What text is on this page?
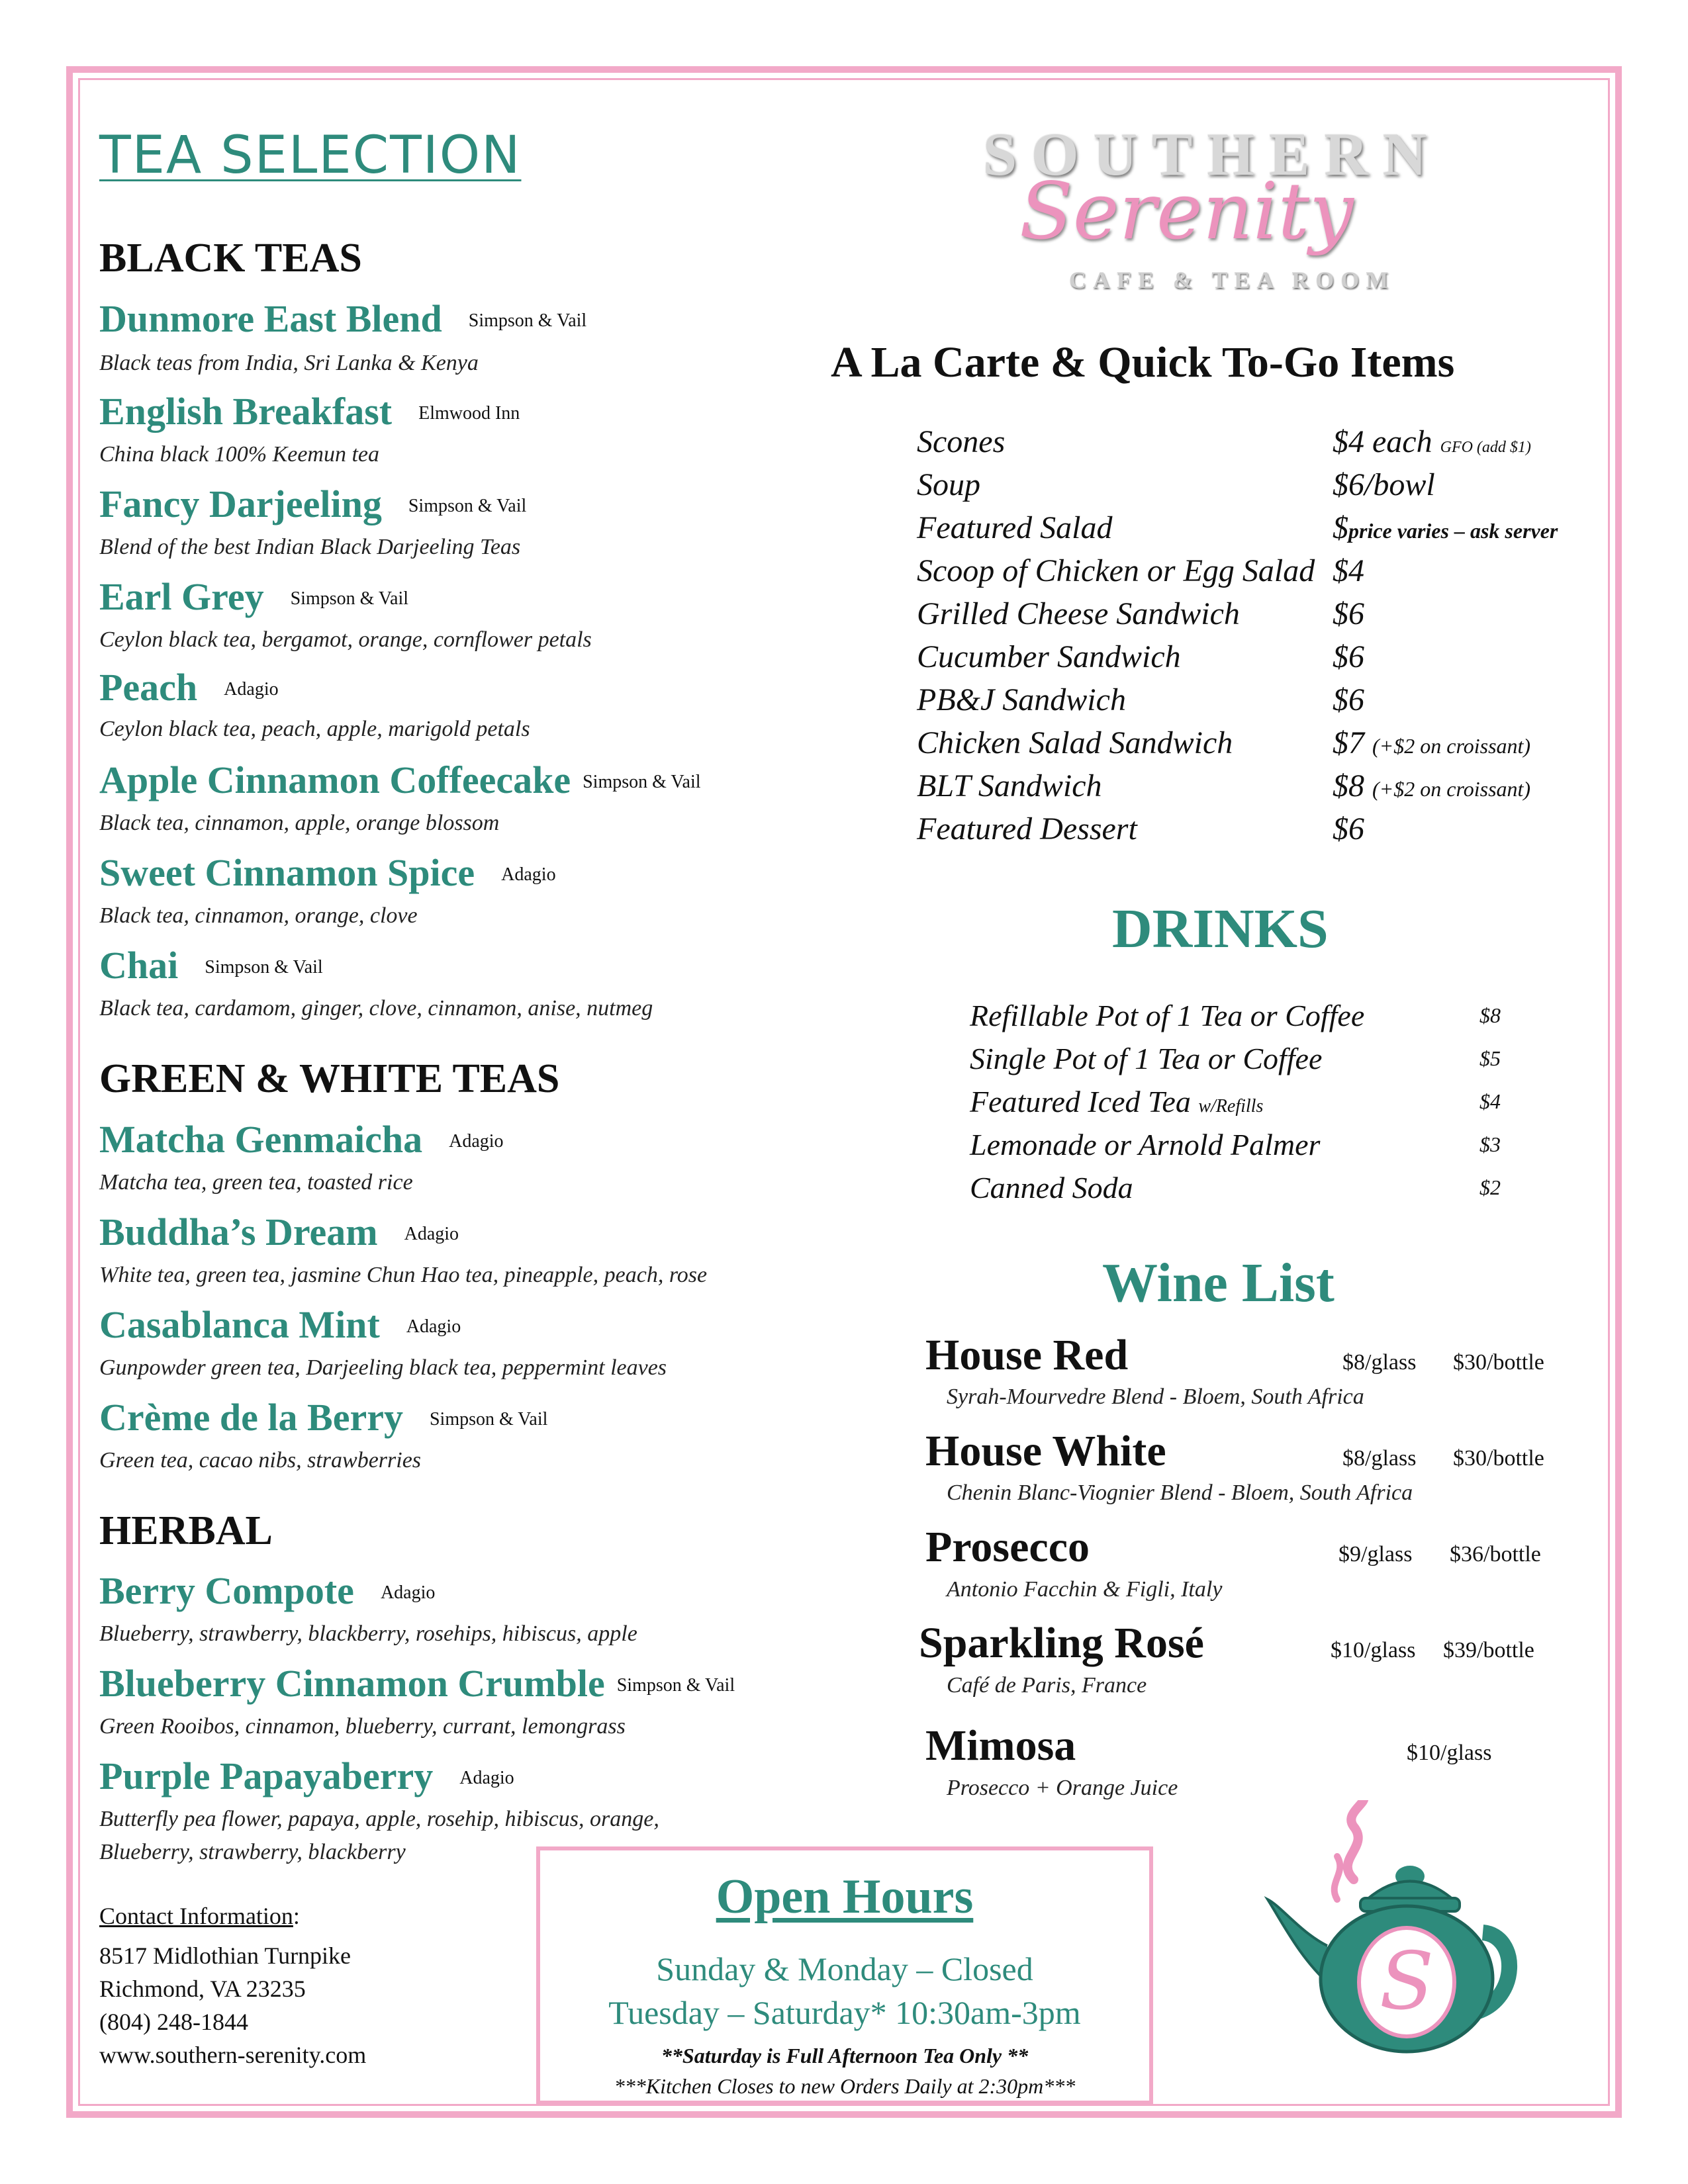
TEA SELECTION
BLACK TEAS
Dunmore East Blend Simpson & Vail
Black teas from India, Sri Lanka & Kenya
English Breakfast Elmwood Inn
China black 100% Keemun tea
Fancy Darjeeling Simpson & Vail
Blend of the best Indian Black Darjeeling Teas
Earl Grey Simpson & Vail
Ceylon black tea, bergamot, orange, cornflower petals
Peach Adagio
Ceylon black tea, peach, apple, marigold petals
Apple Cinnamon Coffeecake Simpson & Vail
Black tea, cinnamon, apple, orange blossom
Sweet Cinnamon Spice Adagio
Black tea, cinnamon, orange, clove
Chai Simpson & Vail
Black tea, cardamom, ginger, clove, cinnamon, anise, nutmeg
GREEN & WHITE TEAS
Matcha Genmaicha Adagio
Matcha tea, green tea, toasted rice
Buddha’s Dream Adagio
White tea, green tea, jasmine Chun Hao tea, pineapple, peach, rose
Casablanca Mint Adagio
Gunpowder green tea, Darjeeling black tea, peppermint leaves
Crème de la Berry Simpson & Vail
Green tea, cacao nibs, strawberries
HERBAL
Berry Compote Adagio
Blueberry, strawberry, blackberry, rosehips, hibiscus, apple
Blueberry Cinnamon Crumble Simpson & Vail
Green Rooibos, cinnamon, blueberry, currant, lemongrass
Purple Papayaberry Adagio
Butterfly pea flower, papaya, apple, rosehip, hibiscus, orange,
Blueberry, strawberry, blackberry
Contact Information:
8517 Midlothian Turnpike
Richmond, VA 23235
(804) 248-1844
www.southern-serenity.com
SOUTHERN
Serenity
CAFE & TEA ROOM
A La Carte & Quick To-Go Items
Scones	$4 each GFO (add $1)
Soup	$6/bowl
Featured Salad	$price varies – ask server
Scoop of Chicken or Egg Salad $4
Grilled Cheese Sandwich	$6
Cucumber Sandwich	$6
PB&J Sandwich	$6
Chicken Salad Sandwich	$7 (+$2 on croissant)
BLT Sandwich	$8 (+$2 on croissant)
Featured Dessert	$6
DRINKS
Refillable Pot of 1 Tea or Coffee	$8
Single Pot of 1 Tea or Coffee	$5
Featured Iced Tea w/Refills	$4
Lemonade or Arnold Palmer	$3
Canned Soda	$2
Wine List
House Red	$8/glass $30/bottle
Syrah-Mourvedre Blend - Bloem, South Africa
House White	$8/glass $30/bottle
Chenin Blanc-Viognier Blend - Bloem, South Africa
Prosecco	$9/glass $36/bottle
Antonio Facchin & Figli, Italy
Sparkling Rosé	$10/glass $39/bottle
Café de Paris, France
Mimosa	$10/glass
Prosecco + Orange Juice
S
Open Hours
Sunday & Monday – Closed
Tuesday – Saturday* 10:30am-3pm
**Saturday is Full Afternoon Tea Only **
***Kitchen Closes to new Orders Daily at 2:30pm***
